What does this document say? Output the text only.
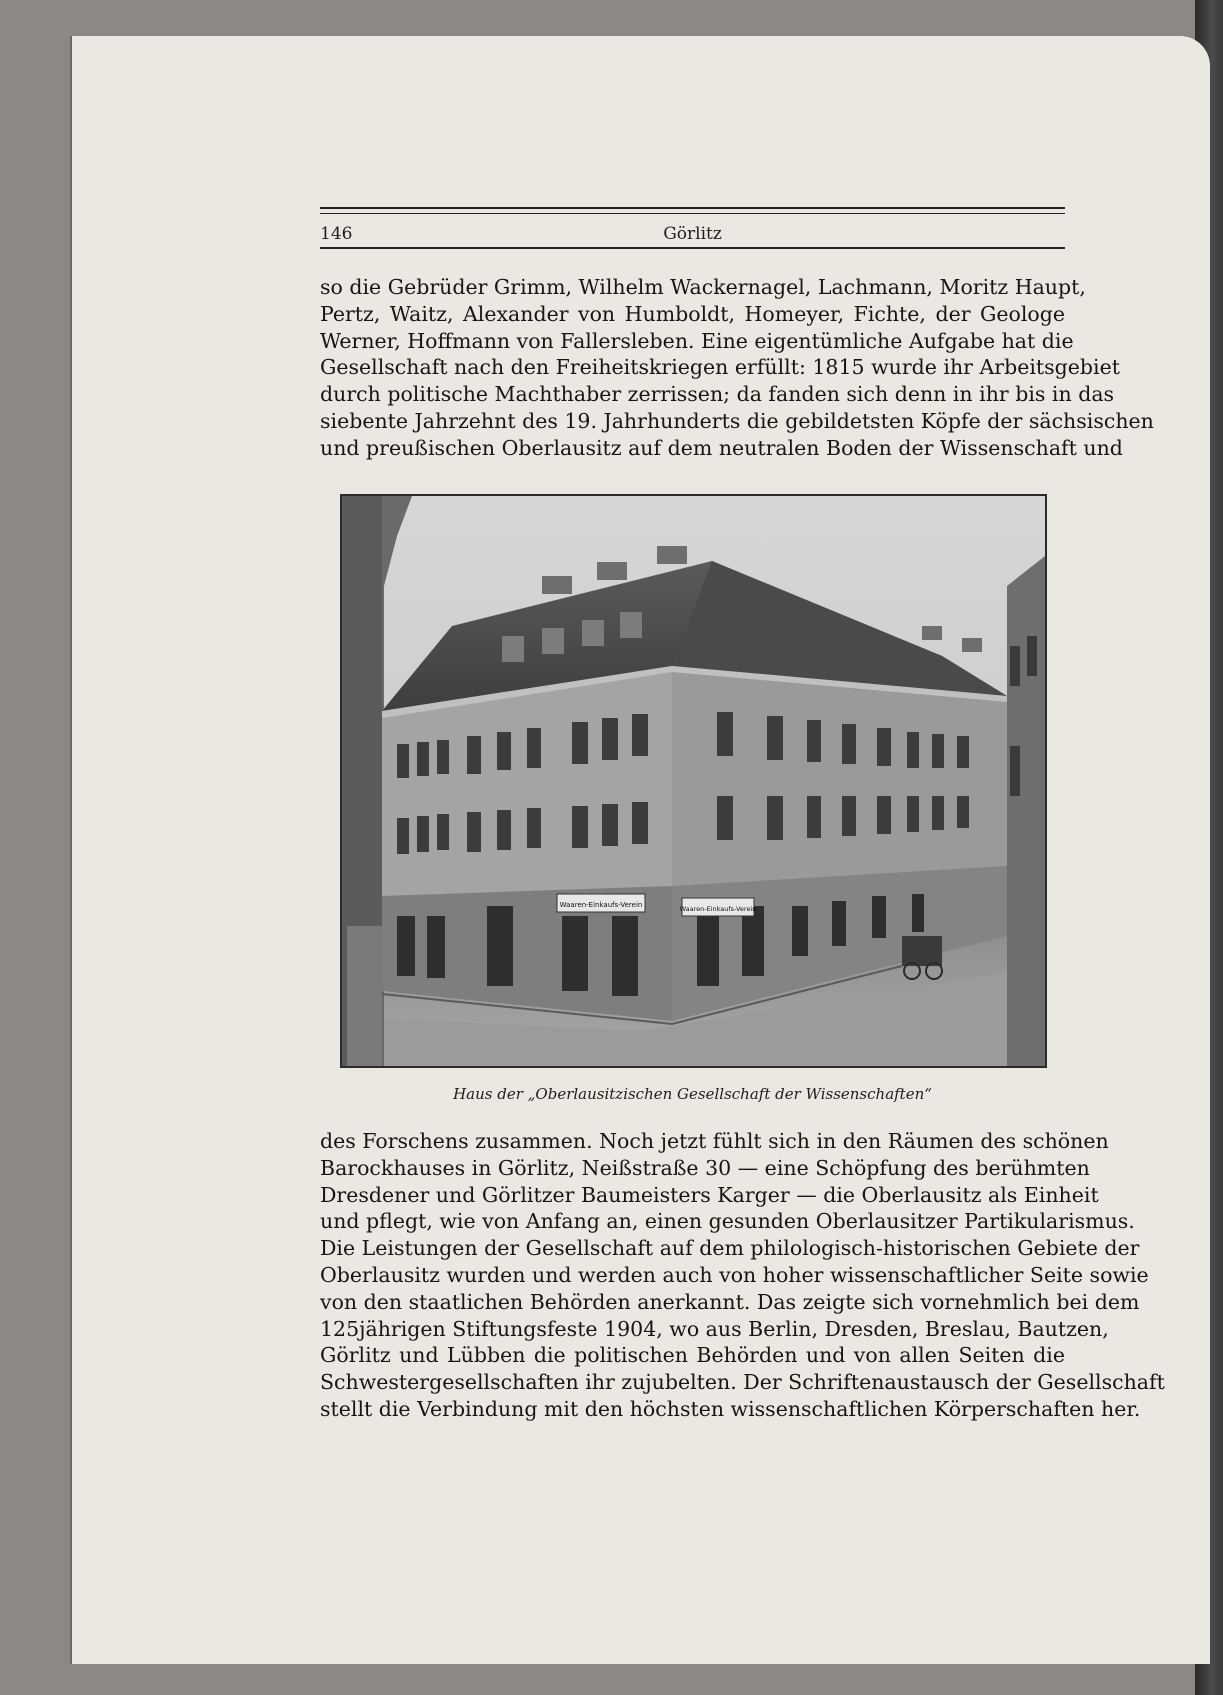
146	Görlitz
so die Gebrüder Grimm, Wilhelm Wackernagel, Lachmann, Moritz Haupt,
Pertz, Waitz, Alexander von Humboldt, Homeyer, Fichte, der Geologe
Werner, Hoffmann von Fallersleben. Eine eigentümliche Aufgabe hat die
Gesellschaft nach den Freiheitskriegen erfüllt: 1815 wurde ihr Arbeitsgebiet
durch politische Machthaber zerrissen; da fanden sich denn in ihr bis in das
siebente Jahrzehnt des 19. Jahrhunderts die gebildetsten Köpfe der sächsischen
und preußischen Oberlausitz auf dem neutralen Boden der Wissenschaft und
Waaren-Einkaufs-Verein	Waaren-Einkaufs-Verein
Haus der „Oberlausitzischen Gesellschaft der Wissenschaften“
des Forschens zusammen. Noch jetzt fühlt sich in den Räumen des schönen
Barockhauses in Görlitz, Neißstraße 30 — eine Schöpfung des berühmten
Dresdener und Görlitzer Baumeisters Karger — die Oberlausitz als Einheit
und pflegt, wie von Anfang an, einen gesunden Oberlausitzer Partikularismus.
Die Leistungen der Gesellschaft auf dem philologisch-historischen Gebiete der
Oberlausitz wurden und werden auch von hoher wissenschaftlicher Seite sowie
von den staatlichen Behörden anerkannt. Das zeigte sich vornehmlich bei dem
125jährigen Stiftungsfeste 1904, wo aus Berlin, Dresden, Breslau, Bautzen,
Görlitz und Lübben die politischen Behörden und von allen Seiten die
Schwestergesellschaften ihr zujubelten. Der Schriftenaustausch der Gesellschaft
stellt die Verbindung mit den höchsten wissenschaftlichen Körperschaften her.
